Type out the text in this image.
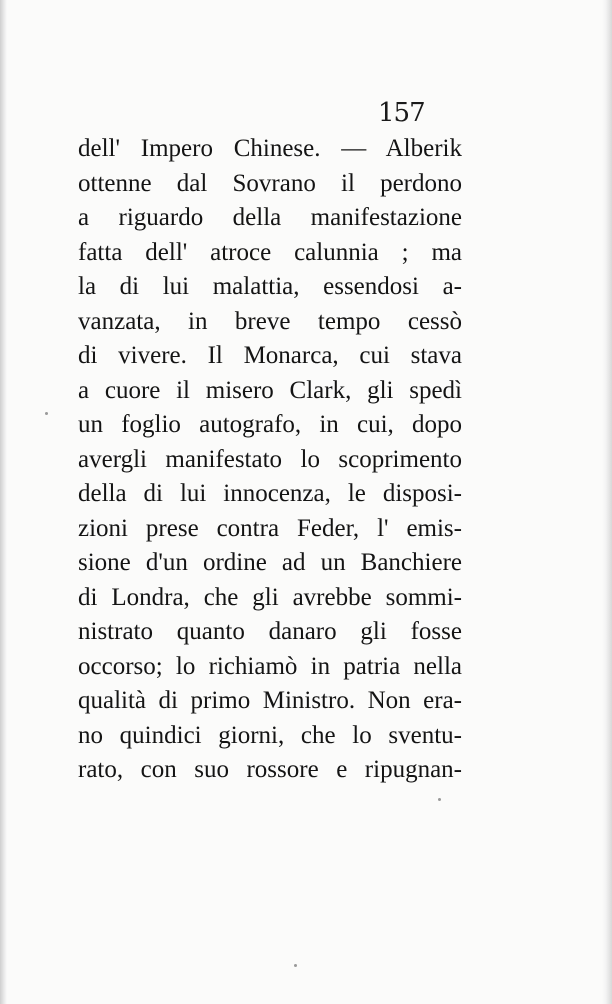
157
dell' Impero Chinese. — Alberik
ottenne dal Sovrano il perdono
a riguardo della manifestazione
fatta dell' atroce calunnia ; ma
la di lui malattia, essendosi a-
vanzata, in breve tempo cessò
di vivere. Il Monarca, cui stava
a cuore il misero Clark, gli spedì
un foglio autografo, in cui, dopo
avergli manifestato lo scoprimento
della di lui innocenza, le disposi-
zioni prese contra Feder, l' emis-
sione d'un ordine ad un Banchiere
di Londra, che gli avrebbe sommi-
nistrato quanto danaro gli fosse
occorso; lo richiamò in patria nella
qualità di primo Ministro. Non era-
no quindici giorni, che lo sventu-
rato, con suo rossore e ripugnan-
